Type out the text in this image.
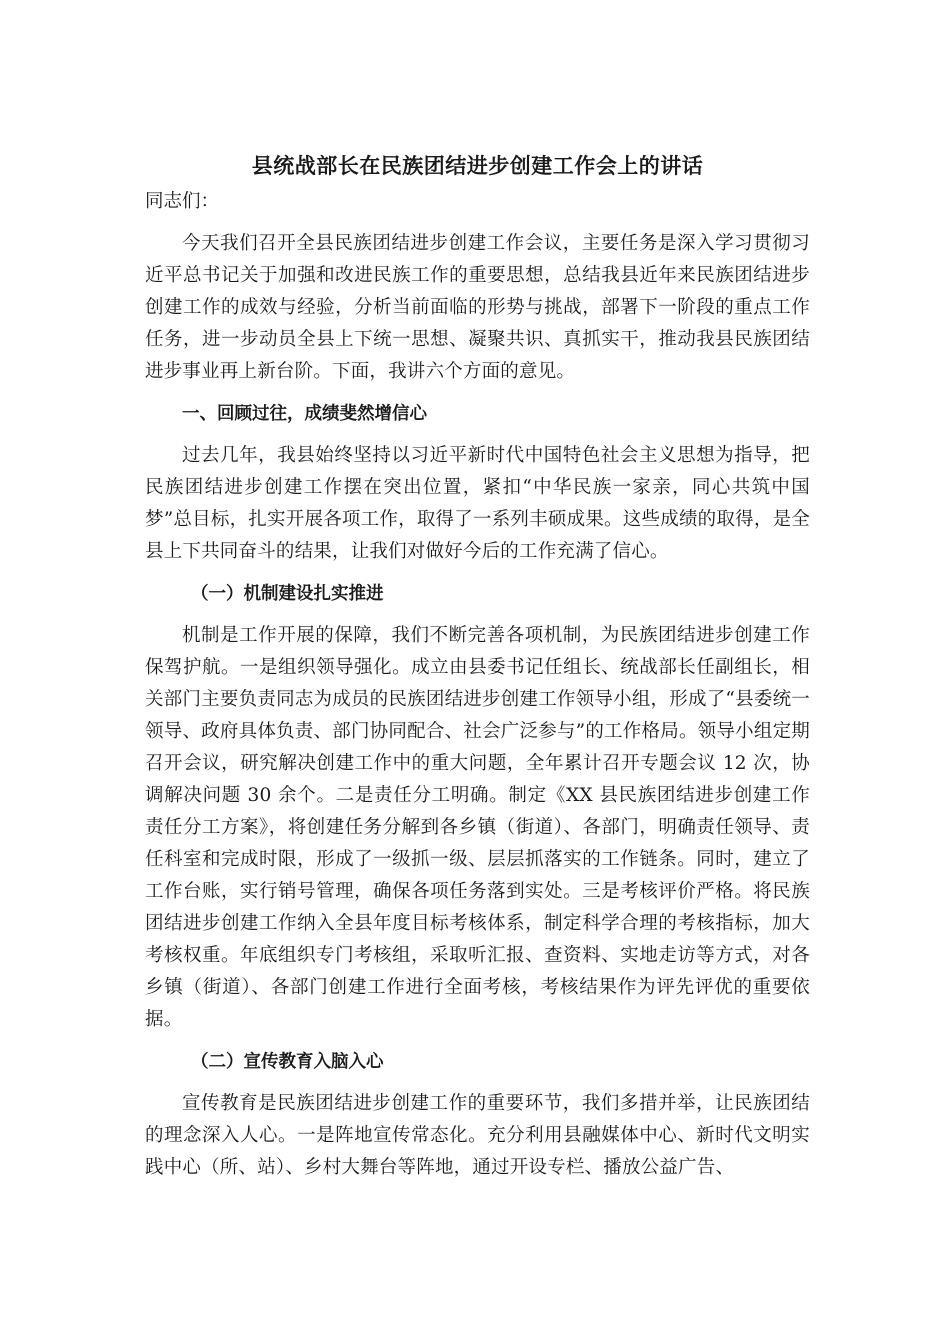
县统战部长在民族团结进步创建工作会上的讲话

同志们：

今天我们召开全县民族团结进步创建工作会议，主要任务是深入学习贯彻习近平总书记关于加强和改进民族工作的重要思想，总结我县近年来民族团结进步创建工作的成效与经验，分析当前面临的形势与挑战，部署下一阶段的重点工作任务，进一步动员全县上下统一思想、凝聚共识、真抓实干，推动我县民族团结进步事业再上新台阶。下面，我讲六个方面的意见。

一、回顾过往，成绩斐然增信心

过去几年，我县始终坚持以习近平新时代中国特色社会主义思想为指导，把民族团结进步创建工作摆在突出位置，紧扣“中华民族一家亲，同心共筑中国梦”总目标，扎实开展各项工作，取得了一系列丰硕成果。这些成绩的取得，是全县上下共同奋斗的结果，让我们对做好今后的工作充满了信心。

（一）机制建设扎实推进

机制是工作开展的保障，我们不断完善各项机制，为民族团结进步创建工作保驾护航。一是组织领导强化。成立由县委书记任组长、统战部长任副组长，相关部门主要负责同志为成员的民族团结进步创建工作领导小组，形成了“县委统一领导、政府具体负责、部门协同配合、社会广泛参与”的工作格局。领导小组定期召开会议，研究解决创建工作中的重大问题，全年累计召开专题会议 12 次，协调解决问题 30 余个。二是责任分工明确。制定《XX 县民族团结进步创建工作责任分工方案》，将创建任务分解到各乡镇（街道）、各部门，明确责任领导、责任科室和完成时限，形成了一级抓一级、层层抓落实的工作链条。同时，建立了工作台账，实行销号管理，确保各项任务落到实处。三是考核评价严格。将民族团结进步创建工作纳入全县年度目标考核体系，制定科学合理的考核指标，加大考核权重。年底组织专门考核组，采取听汇报、查资料、实地走访等方式，对各乡镇（街道）、各部门创建工作进行全面考核，考核结果作为评先评优的重要依据。

（二）宣传教育入脑入心

宣传教育是民族团结进步创建工作的重要环节，我们多措并举，让民族团结的理念深入人心。一是阵地宣传常态化。充分利用县融媒体中心、新时代文明实践中心（所、站）、乡村大舞台等阵地，通过开设专栏、播放公益广告、
